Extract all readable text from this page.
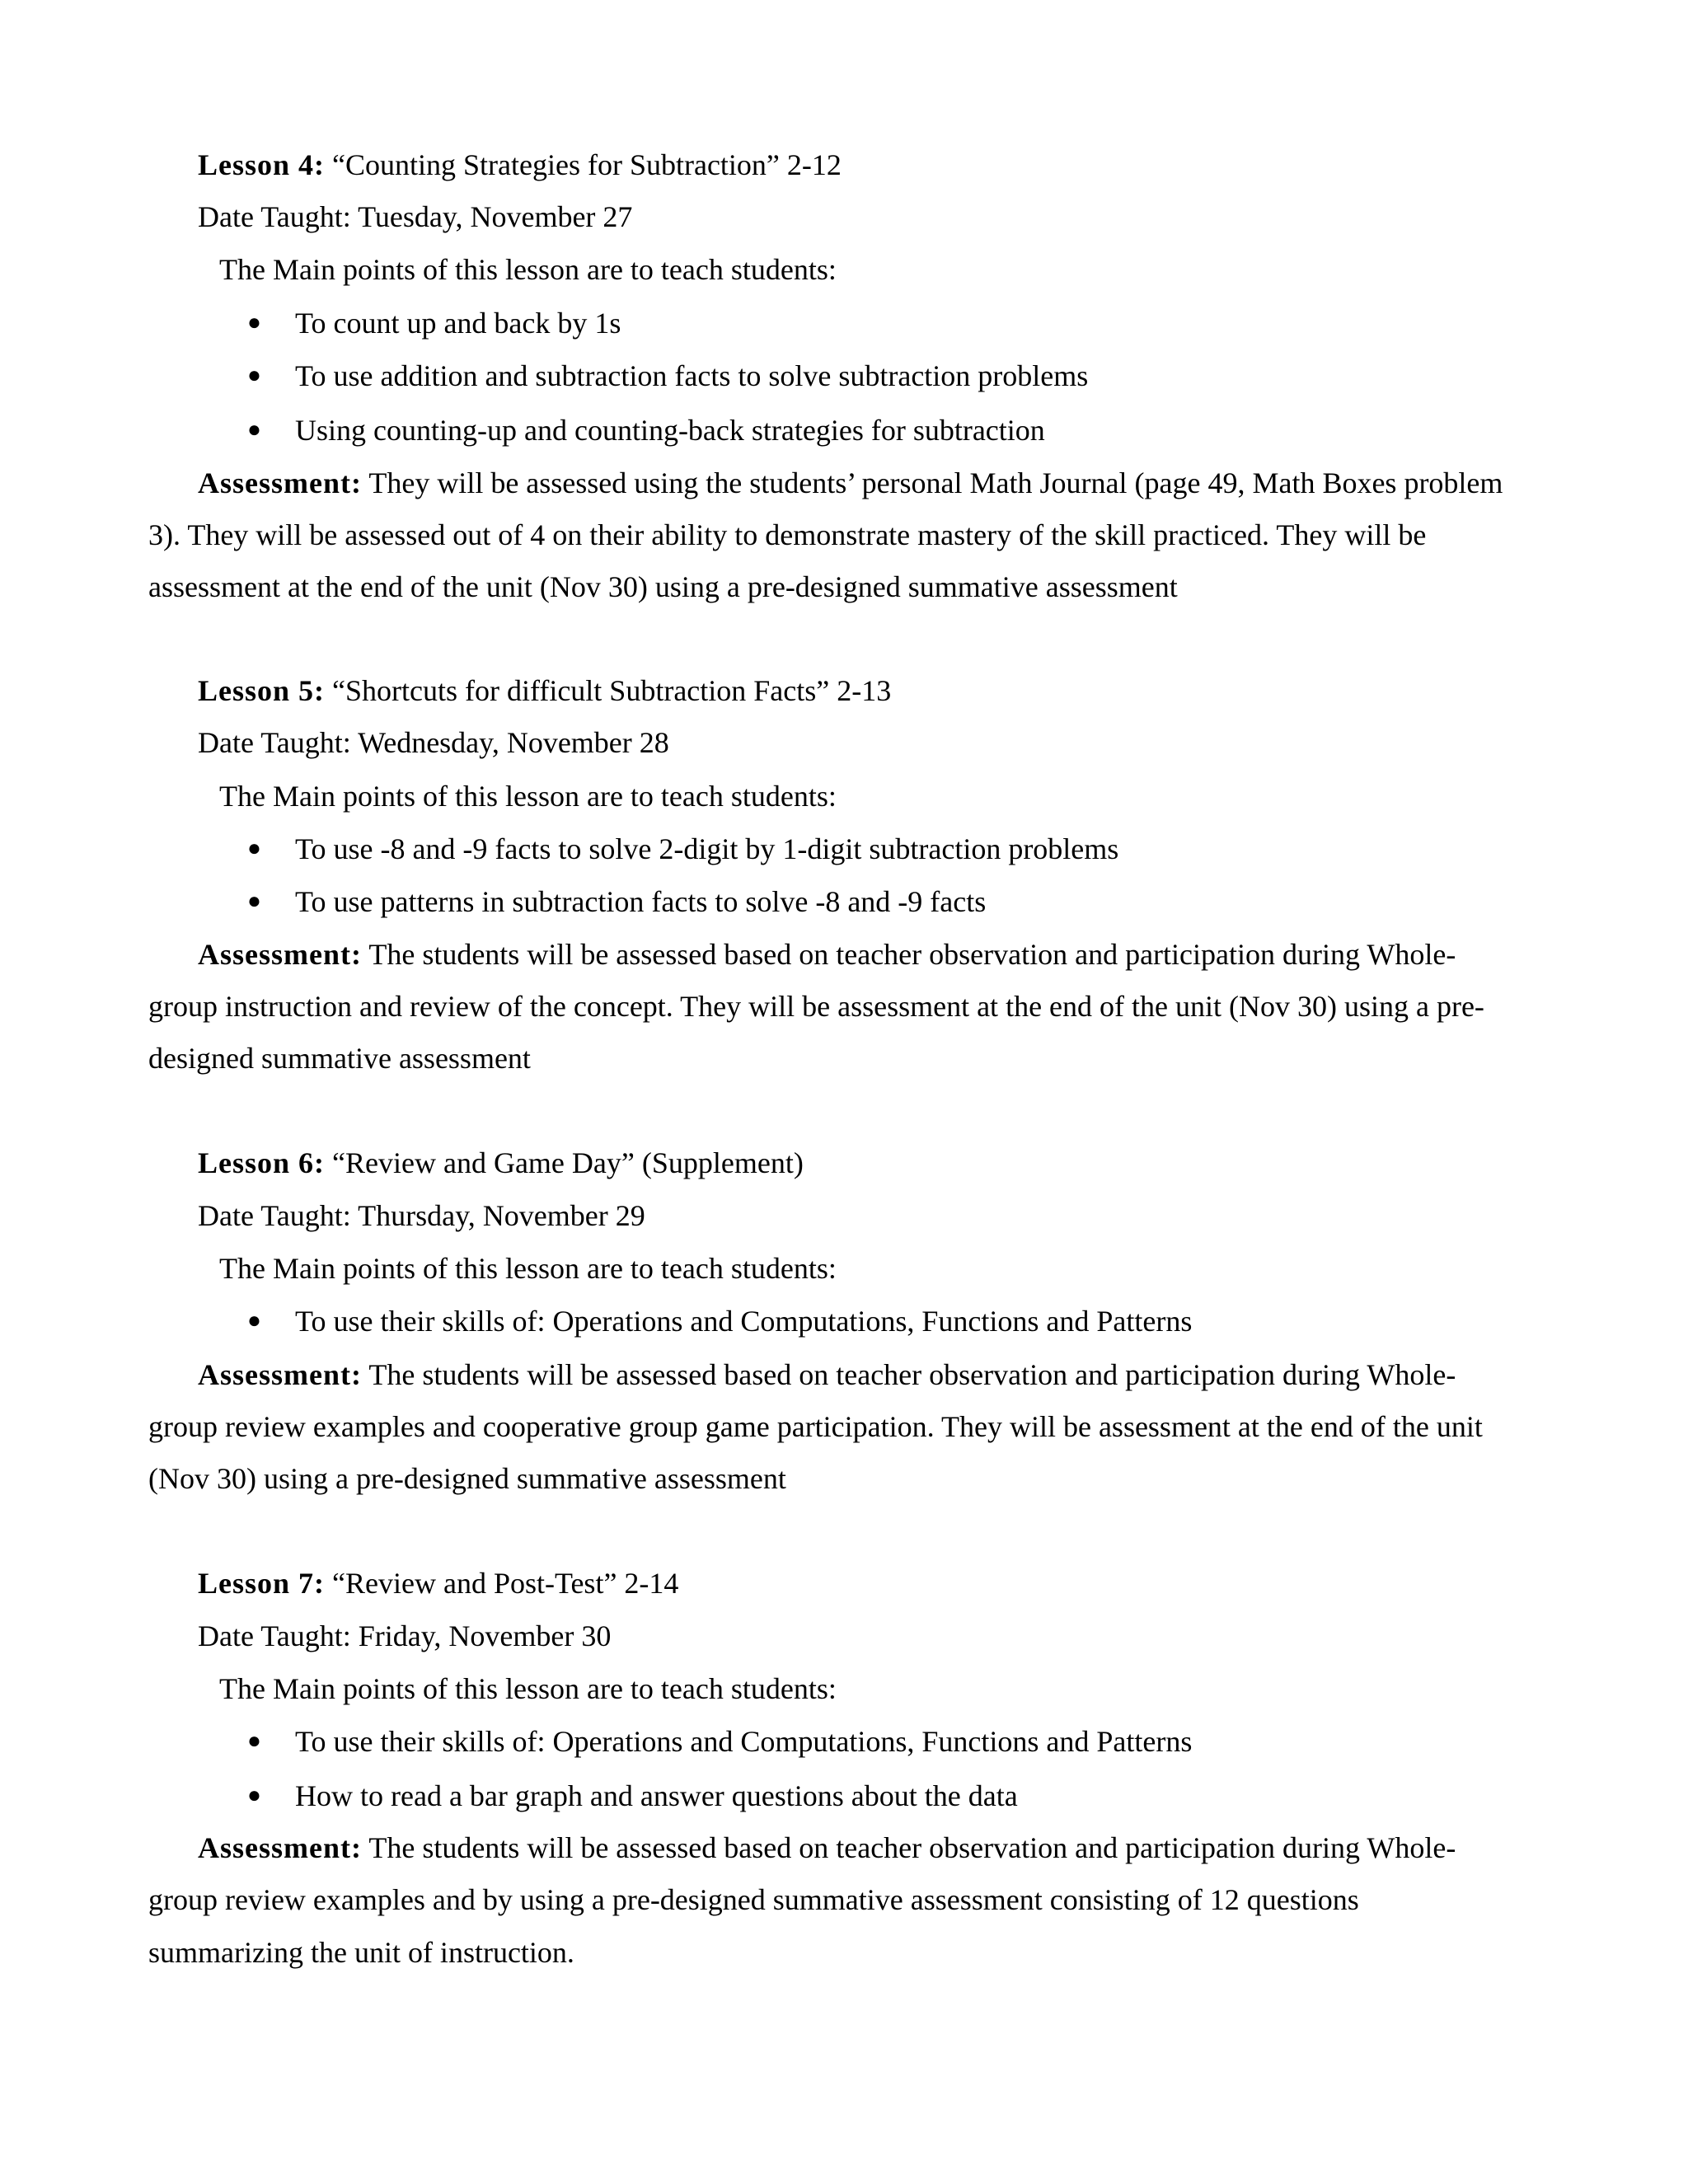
Lesson 4: “Counting Strategies for Subtraction” 2-12
Date Taught: Tuesday, November 27
The Main points of this lesson are to teach students:
● To count up and back by 1s
● To use addition and subtraction facts to solve subtraction problems
● Using counting-up and counting-back strategies for subtraction
Assessment: They will be assessed using the students’ personal Math Journal (page 49, Math Boxes problem
3). They will be assessed out of 4 on their ability to demonstrate mastery of the skill practiced. They will be
assessment at the end of the unit (Nov 30) using a pre-designed summative assessment
Lesson 5: “Shortcuts for difficult Subtraction Facts” 2-13
Date Taught: Wednesday, November 28
The Main points of this lesson are to teach students:
● To use -8 and -9 facts to solve 2-digit by 1-digit subtraction problems
● To use patterns in subtraction facts to solve -8 and -9 facts
Assessment: The students will be assessed based on teacher observation and participation during Whole-
group instruction and review of the concept. They will be assessment at the end of the unit (Nov 30) using a pre-
designed summative assessment
Lesson 6: “Review and Game Day” (Supplement)
Date Taught: Thursday, November 29
The Main points of this lesson are to teach students:
● To use their skills of: Operations and Computations, Functions and Patterns
Assessment: The students will be assessed based on teacher observation and participation during Whole-
group review examples and cooperative group game participation. They will be assessment at the end of the unit
(Nov 30) using a pre-designed summative assessment
Lesson 7: “Review and Post-Test” 2-14
Date Taught: Friday, November 30
The Main points of this lesson are to teach students:
● To use their skills of: Operations and Computations, Functions and Patterns
● How to read a bar graph and answer questions about the data
Assessment: The students will be assessed based on teacher observation and participation during Whole-
group review examples and by using a pre-designed summative assessment consisting of 12 questions
summarizing the unit of instruction.
